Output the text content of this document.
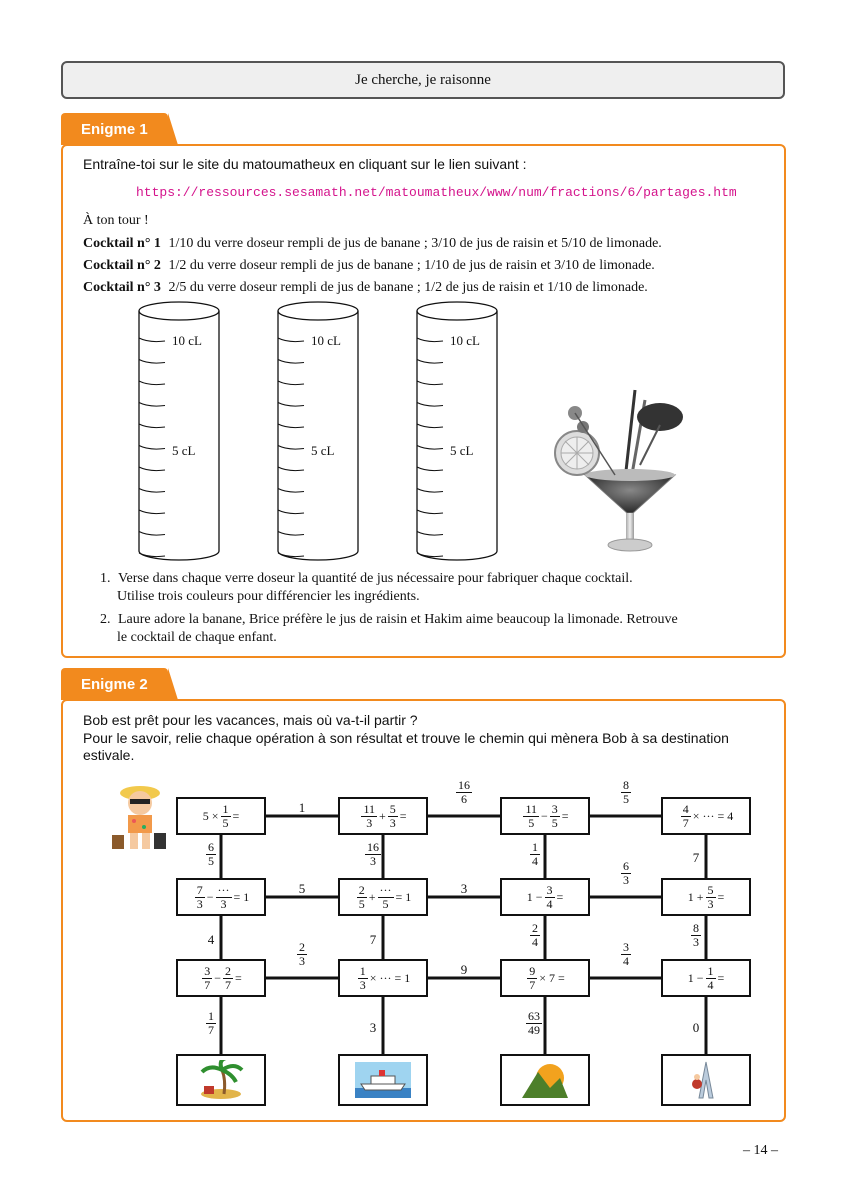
Je cherche, je raisonne
Enigme 1
Entraîne-toi sur le site du matoumatheux en cliquant sur le lien suivant :
https://ressources.sesamath.net/matoumatheux/www/num/fractions/6/partages.htm
À ton tour !
Cocktail n° 1 1/10 du verre doseur rempli de jus de banane ; 3/10 de jus de raisin et 5/10 de limonade.
Cocktail n° 2 1/2 du verre doseur rempli de jus de banane ; 1/10 de jus de raisin et 3/10 de limonade.
Cocktail n° 3 2/5 du verre doseur rempli de jus de banane ; 1/2 de jus de raisin et 1/10 de limonade.
10 cL
5 cL
10 cL
5 cL
10 cL
5 cL
1. Verse dans chaque verre doseur la quantité de jus nécessaire pour fabriquer chaque cocktail.
Utilise trois couleurs pour différencier les ingrédients.
2. Laure adore la banane, Brice préfère le jus de raisin et Hakim aime beaucoup la limonade. Retrouve
le cocktail de chaque enfant.
Enigme 2
Bob est prêt pour les vacances, mais où va-t-il partir ?
Pour le savoir, relie chaque opération à son résultat et trouve le chemin qui mènera Bob à sa destination
estivale.
$5 \times \frac{1}{5}$ =	$\frac{11}{3} + \frac{5}{3}$ =	$\frac{11}{5} - \frac{3}{5}$ =	$\frac{4}{7}$ × ··· = 4
$\frac{7}{3} - \frac{\cdot\cdot\cdot}{3} = 1$	$\frac{2}{5} + \frac{\cdot\cdot\cdot}{5} = 1$	$1 - \frac{3}{4}$ =	$1 + \frac{5}{3}$ =
$\frac{3}{7} - \frac{2}{7}$ =	$\frac{1}{3}$ × ··· = 1	$\frac{9}{7} \times 7$ =	$1 - \frac{1}{4}$ =
1
$\frac{16}{6}$	$\frac{8}{5}$
$\frac{6}{5}$	$\frac{16}{3}$	$\frac{1}{4}$	7
5	3
$\frac{6}{3}$
4	7	$\frac{2}{4}$	$\frac{8}{3}$
$\frac{2}{3}$
9
$\frac{3}{4}$
$\frac{1}{7}$	3	$\frac{63}{49}$	0
– 14 –
